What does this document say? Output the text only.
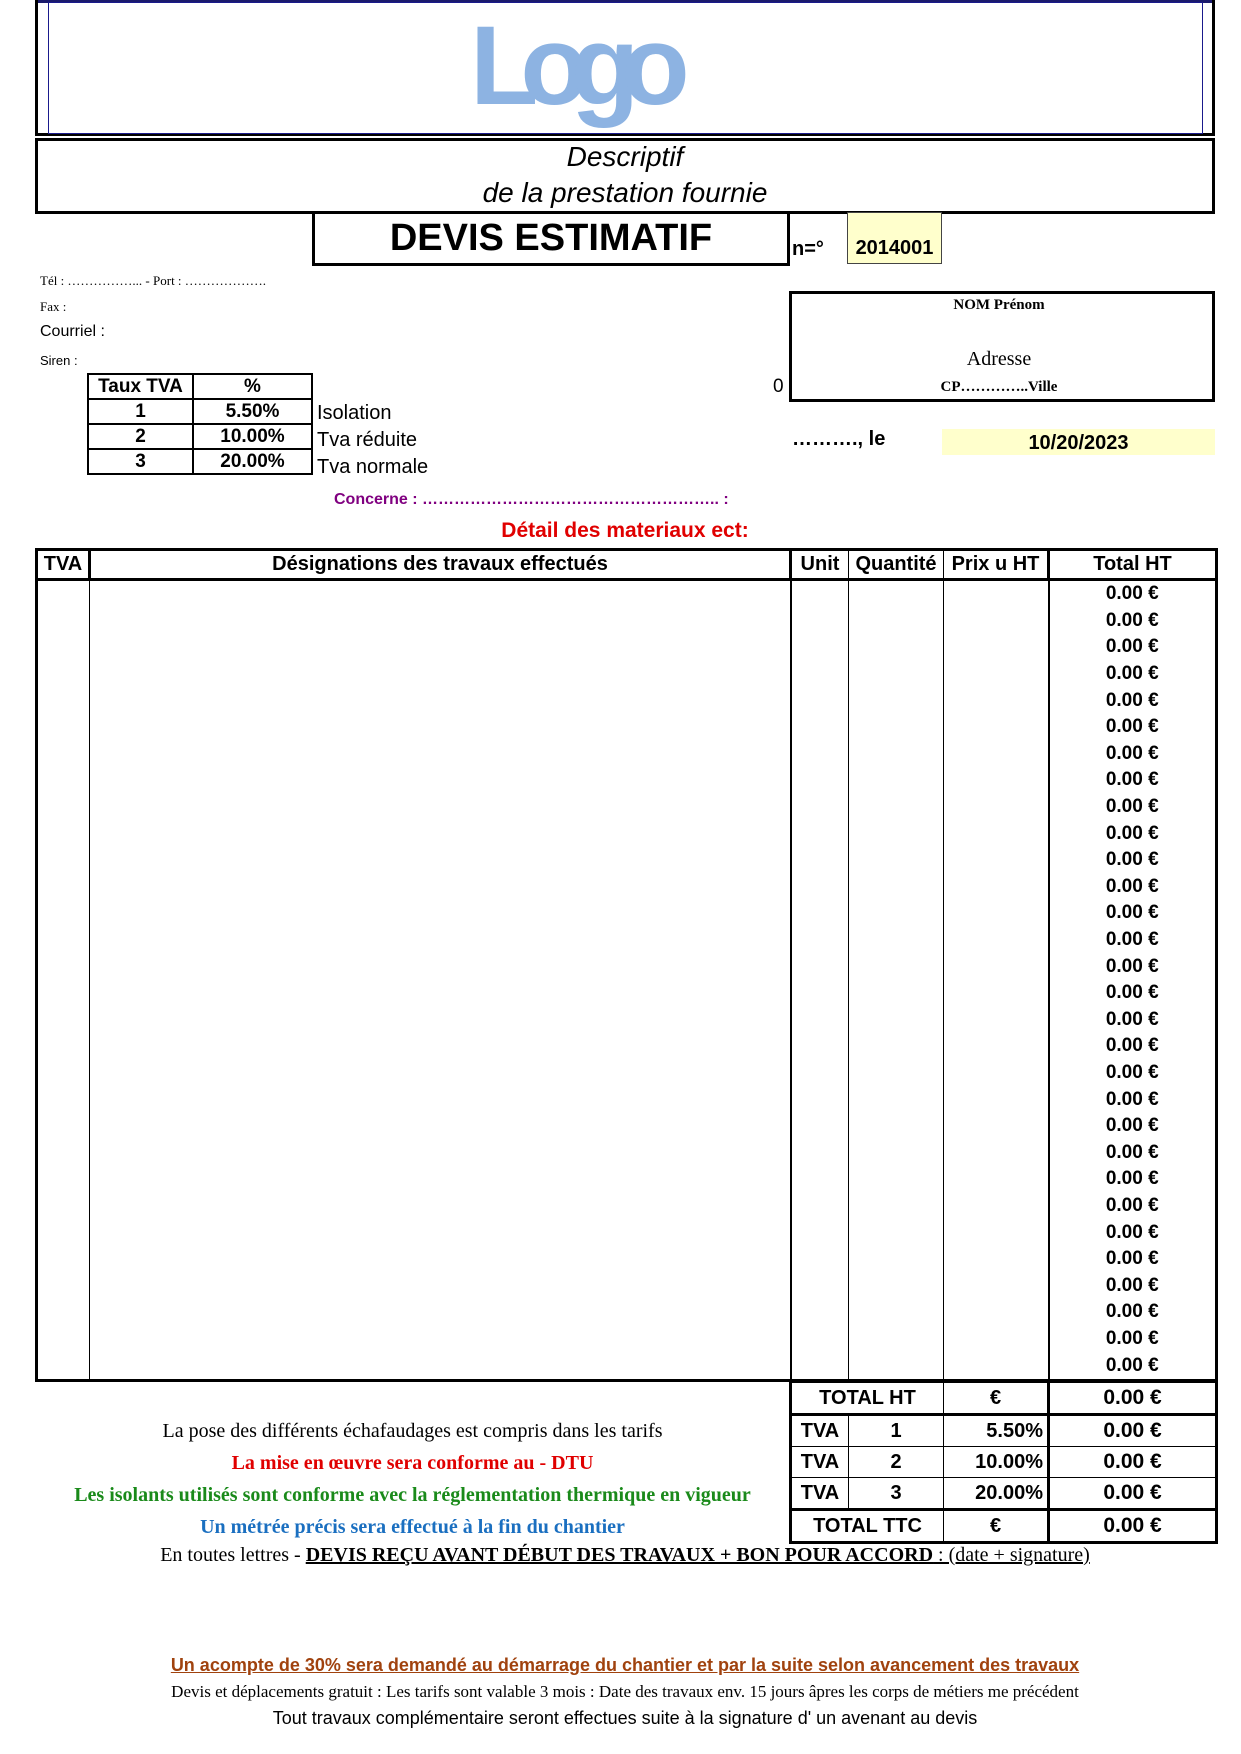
Logo
Descriptif
de la prestation fournie
DEVIS ESTIMATIF	n=°	2014001
Tél : ……………... - Port : ……………….
Fax :
Courriel :
Siren :
NOM Prénom
Adresse
CP…………..Ville
0
Taux TVA	%
1	5.50%
2	10.00%
3	20.00%
Isolation
Tva réduite
Tva normale
………., le	10/20/2023
Concerne : ……………………………………………….. :
Détail des materiaux ect:
TVA	Désignations des travaux effectués	Unit	Quantité	Prix u HT	Total HT
					0.00 €
					0.00 €
					0.00 €
					0.00 €
					0.00 €
					0.00 €
					0.00 €
					0.00 €
					0.00 €
					0.00 €
					0.00 €
					0.00 €
					0.00 €
					0.00 €
					0.00 €
					0.00 €
					0.00 €
					0.00 €
					0.00 €
					0.00 €
					0.00 €
					0.00 €
					0.00 €
					0.00 €
					0.00 €
					0.00 €
					0.00 €
					0.00 €
					0.00 €
					0.00 €
TOTAL HT		€	0.00 €
TVA	1	5.50%	0.00 €
TVA	2	10.00%	0.00 €
TVA	3	20.00%	0.00 €
TOTAL TTC		€	0.00 €
La pose des différents échafaudages est compris dans les tarifs
La mise en œuvre sera conforme au - DTU
Les isolants utilisés sont conforme avec la réglementation thermique en vigueur
Un métrée précis sera effectué à la fin du chantier
En toutes lettres - DEVIS REÇU AVANT DÉBUT DES TRAVAUX + BON POUR ACCORD : (date + signature)
Un acompte de 30% sera demandé au démarrage du chantier et par la suite selon avancement des travaux
Devis et déplacements gratuit : Les tarifs sont valable 3 mois : Date des travaux env. 15 jours âpres les corps de métiers me précédent
Tout travaux complémentaire seront effectues suite à la signature d' un avenant au devis
